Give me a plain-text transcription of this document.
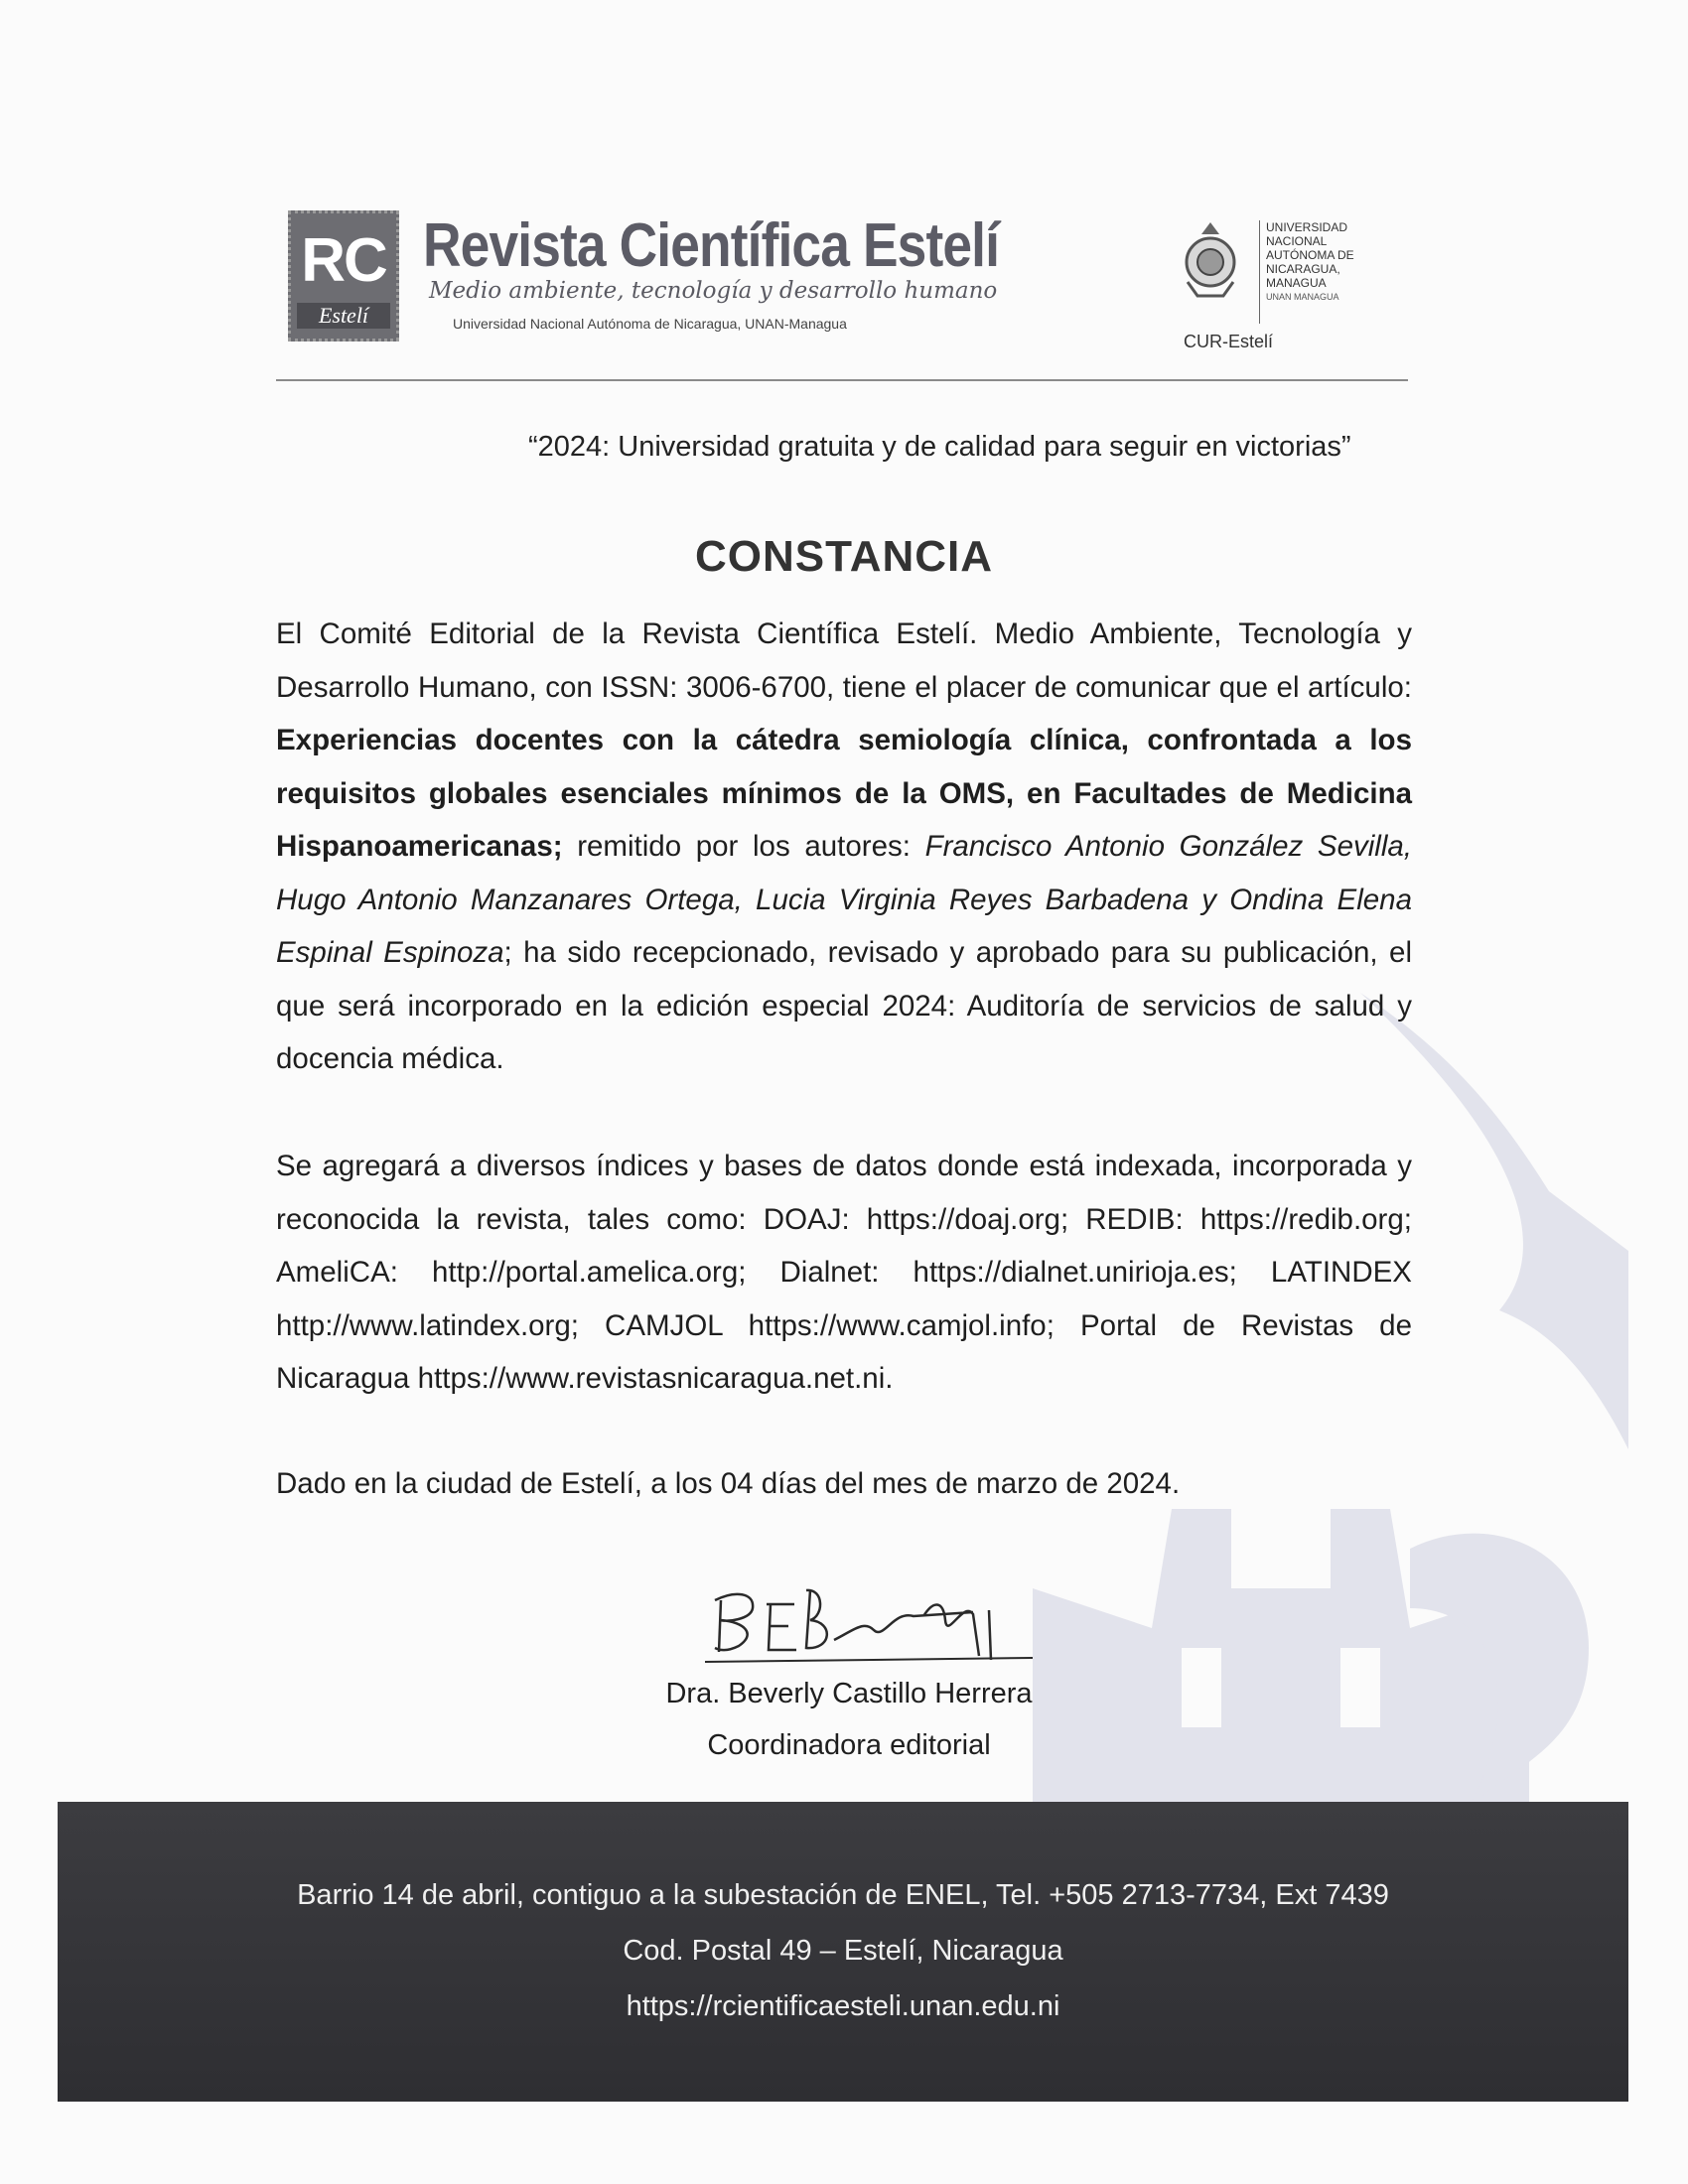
RC
Estelí
Revista Científica Estelí
Medio ambiente, tecnología y desarrollo humano
Universidad Nacional Autónoma de Nicaragua, UNAN-Managua
UNIVERSIDAD
NACIONAL
AUTÓNOMA DE
NICARAGUA,
MANAGUA
UNAN MANAGUA
CUR-Estelí
“2024: Universidad gratuita y de calidad para seguir en victorias”
CONSTANCIA
El Comité Editorial de la Revista Científica Estelí. Medio Ambiente, Tecnología y Desarrollo Humano, con ISSN: 3006-6700, tiene el placer de comunicar que el artículo: Experiencias docentes con la cátedra semiología clínica, confrontada a los requisitos globales esenciales mínimos de la OMS, en Facultades de Medicina Hispanoamericanas; remitido por los autores: Francisco Antonio González Sevilla, Hugo Antonio Manzanares Ortega, Lucia Virginia Reyes Barbadena y Ondina Elena Espinal Espinoza; ha sido recepcionado, revisado y aprobado para su publicación, el que será incorporado en la edición especial 2024: Auditoría de servicios de salud y docencia médica.
Se agregará a diversos índices y bases de datos donde está indexada, incorporada y reconocida la revista, tales como: DOAJ: https://doaj.org; REDIB: https://redib.org; AmeliCA: http://portal.amelica.org; Dialnet: https://dialnet.unirioja.es; LATINDEX http://www.latindex.org; CAMJOL https://www.camjol.info; Portal de Revistas de Nicaragua https://www.revistasnicaragua.net.ni.
Dado en la ciudad de Estelí, a los 04 días del mes de marzo de 2024.
Dra. Beverly Castillo Herrera
Coordinadora editorial
Barrio 14 de abril, contiguo a la subestación de ENEL, Tel. +505 2713-7734, Ext 7439
Cod. Postal 49 – Estelí, Nicaragua
https://rcientificaesteli.unan.edu.ni
